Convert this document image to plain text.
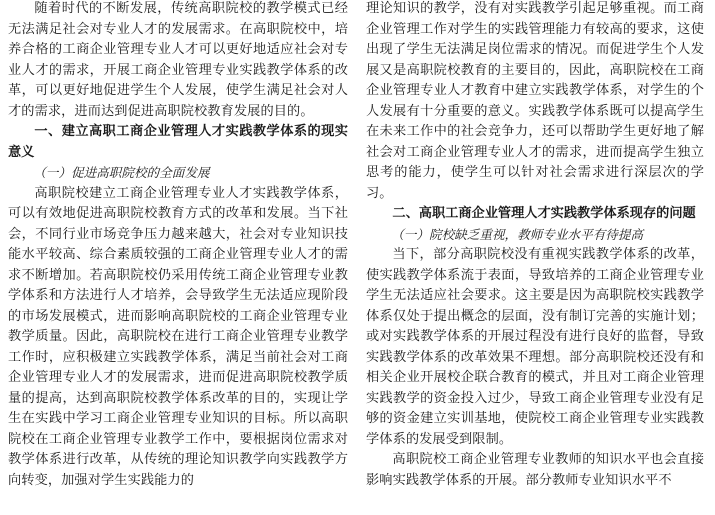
随着时代的不断发展，传统高职院校的教学模式已经无法满足社会对专业人才的发展需求。在高职院校中，培养合格的工商企业管理专业人才可以更好地适应社会对专业人才的需求，开展工商企业管理专业实践教学体系的改革，可以更好地促进学生个人发展，使学生满足社会对人才的需求，进而达到促进高职院校教育发展的目的。

一、建立高职工商企业管理人才实践教学体系的现实意义
（一）促进高职院校的全面发展

高职院校建立工商企业管理专业人才实践教学体系，可以有效地促进高职院校教育方式的改革和发展。当下社会，不同行业市场竞争压力越来越大，社会对专业知识技能水平较高、综合素质较强的工商企业管理专业人才的需求不断增加。若高职院校仍采用传统工商企业管理专业教学体系和方法进行人才培养，会导致学生无法适应现阶段的市场发展模式，进而影响高职院校的工商企业管理专业教学质量。因此，高职院校在进行工商企业管理专业教学工作时，应积极建立实践教学体系，满足当前社会对工商企业管理专业人才的发展需求，进而促进高职院校教学质量的提高，达到高职院校教学体系改革的目的，实现让学生在实践中学习工商企业管理专业知识的目标。所以高职院校在工商企业管理专业教学工作中，要根据岗位需求对教学体系进行改革，从传统的理论知识教学向实践教学方向转变，加强对学生实践能力的

理论知识的教学，没有对实践教学引起足够重视。而工商企业管理工作对学生的实践管理能力有较高的要求，这使出现了学生无法满足岗位需求的情况。而促进学生个人发展又是高职院校教育的主要目的，因此，高职院校在工商企业管理专业人才教育中建立实践教学体系，对学生的个人发展有十分重要的意义。实践教学体系既可以提高学生在未来工作中的社会竞争力，还可以帮助学生更好地了解社会对工商企业管理专业人才的需求，进而提高学生独立思考的能力，使学生可以针对社会需求进行深层次的学习。

二、高职工商企业管理人才实践教学体系现存的问题
（一）院校缺乏重视，教师专业水平有待提高

当下，部分高职院校没有重视实践教学体系的改革，使实践教学体系流于表面，导致培养的工商企业管理专业学生无法适应社会要求。这主要是因为高职院校实践教学体系仅处于提出概念的层面，没有制订完善的实施计划；或对实践教学体系的开展过程没有进行良好的监督，导致实践教学体系的改革效果不理想。部分高职院校还没有和相关企业开展校企联合教育的模式，并且对工商企业管理实践教学的资金投入过少，导致工商企业管理专业没有足够的资金建立实训基地，使院校工商企业管理专业实践教学体系的发展受到限制。

高职院校工商企业管理专业教师的知识水平也会直接影响实践教学体系的开展。部分教师专业知识水平不
